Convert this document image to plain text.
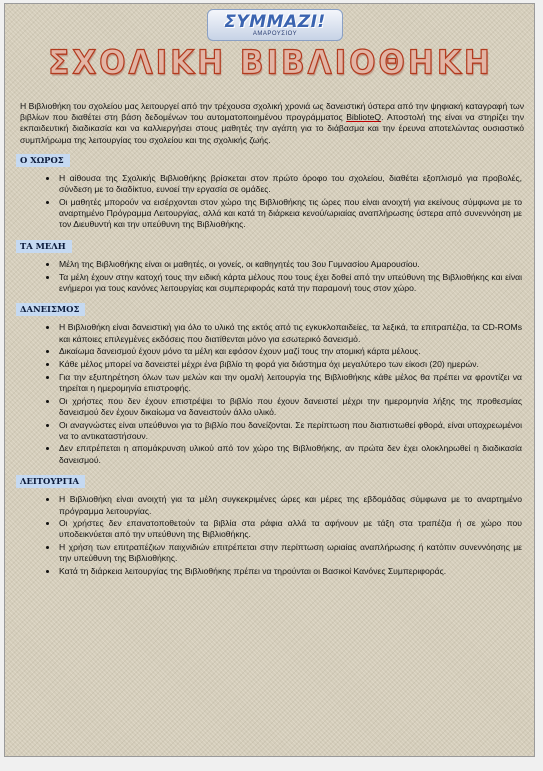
ΣΥΜΜΑΖΙ!
ΑΜΑΡΟΥΣΙΟΥ
ΣΧΟΛΙΚΗ ΒΙΒΛΙΟΘΗΚΗ

Η Βιβλιοθήκη του σχολείου μας λειτουργεί από την τρέχουσα σχολική χρονιά ως δανειστική ύστερα από την ψηφιακή καταγραφή των βιβλίων που διαθέτει στη βάση δεδομένων του αυτοματοποιημένου προγράμματος BiblioteQ. Αποστολή της είναι να στηρίζει την εκπαιδευτική διαδικασία και να καλλιεργήσει στους μαθητές την αγάπη για το διάβασμα και την έρευνα αποτελώντας ουσιαστικό συμπλήρωμα της λειτουργίας του σχολείου και της σχολικής ζωής.

Ο ΧΩΡΟΣ
• Η αίθουσα της Σχολικής Βιβλιοθήκης βρίσκεται στον πρώτο όροφο του σχολείου, διαθέτει εξοπλισμό για προβολές, σύνδεση με το διαδίκτυο, ευνοεί την εργασία σε ομάδες.
• Οι μαθητές μπορούν να εισέρχονται στον χώρο της Βιβλιοθήκης τις ώρες που είναι ανοιχτή για εκείνους σύμφωνα με το αναρτημένο Πρόγραμμα Λειτουργίας, αλλά και κατά τη διάρκεια κενού/ωριαίας αναπλήρωσης ύστερα από συνεννόηση με τον Διευθυντή και την υπεύθυνη της Βιβλιοθήκης.
ΤΑ ΜΕΛΗ
• Μέλη της Βιβλιοθήκης είναι οι μαθητές, οι γονείς, οι καθηγητές του 3ου Γυμνασίου Αμαρουσίου.
• Τα μέλη έχουν στην κατοχή τους την ειδική κάρτα μέλους που τους έχει δοθεί από την υπεύθυνη της Βιβλιοθήκης και είναι ενήμεροι για τους κανόνες λειτουργίας και συμπεριφοράς κατά την παραμονή τους στον χώρο.
ΔΑΝΕΙΣΜΟΣ
• Η Βιβλιοθήκη είναι δανειστική για όλο το υλικό της εκτός από τις εγκυκλοπαιδείες, τα λεξικά, τα επιτραπέζια, τα CD-ROMs και κάποιες επιλεγμένες εκδόσεις που διατίθενται μόνο για εσωτερικό δανεισμό.
• Δικαίωμα δανεισμού έχουν μόνο τα μέλη και εφόσον έχουν μαζί τους την ατομική κάρτα μέλους.
• Κάθε μέλος μπορεί να δανειστεί μέχρι ένα βιβλίο τη φορά για διάστημα όχι μεγαλύτερο των είκοσι (20) ημερών.
• Για την εξυπηρέτηση όλων των μελών και την ομαλή λειτουργία της Βιβλιοθήκης κάθε μέλος θα πρέπει να φροντίζει να τηρείται η ημερομηνία επιστροφής.
• Οι χρήστες που δεν έχουν επιστρέψει το βιβλίο που έχουν δανειστεί μέχρι την ημερομηνία λήξης της προθεσμίας δανεισμού δεν έχουν δικαίωμα να δανειστούν άλλο υλικό.
• Οι αναγνώστες είναι υπεύθυνοι για το βιβλίο που δανείζονται. Σε περίπτωση που διαπιστωθεί φθορά, είναι υποχρεωμένοι να το αντικαταστήσουν.
• Δεν επιτρέπεται η απομάκρυνση υλικού από τον χώρο της Βιβλιοθήκης, αν πρώτα δεν έχει ολοκληρωθεί η διαδικασία δανεισμού.
ΛΕΙΤΟΥΡΓΙΑ
• Η Βιβλιοθήκη είναι ανοιχτή για τα μέλη συγκεκριμένες ώρες και μέρες της εβδομάδας σύμφωνα με το αναρτημένο πρόγραμμα λειτουργίας.
• Οι χρήστες δεν επανατοποθετούν τα βιβλία στα ράφια αλλά τα αφήνουν με τάξη στα τραπέζια ή σε χώρο που υποδεικνύεται από την υπεύθυνη της Βιβλιοθήκης.
• Η χρήση των επιτραπέζιων παιχνιδιών επιτρέπεται στην περίπτωση ωριαίας αναπλήρωσης ή κατόπιν συνεννόησης με την υπεύθυνη της Βιβλιοθήκης.
• Κατά τη διάρκεια λειτουργίας της Βιβλιοθήκης πρέπει να τηρούνται οι Βασικοί Κανόνες Συμπεριφοράς.
